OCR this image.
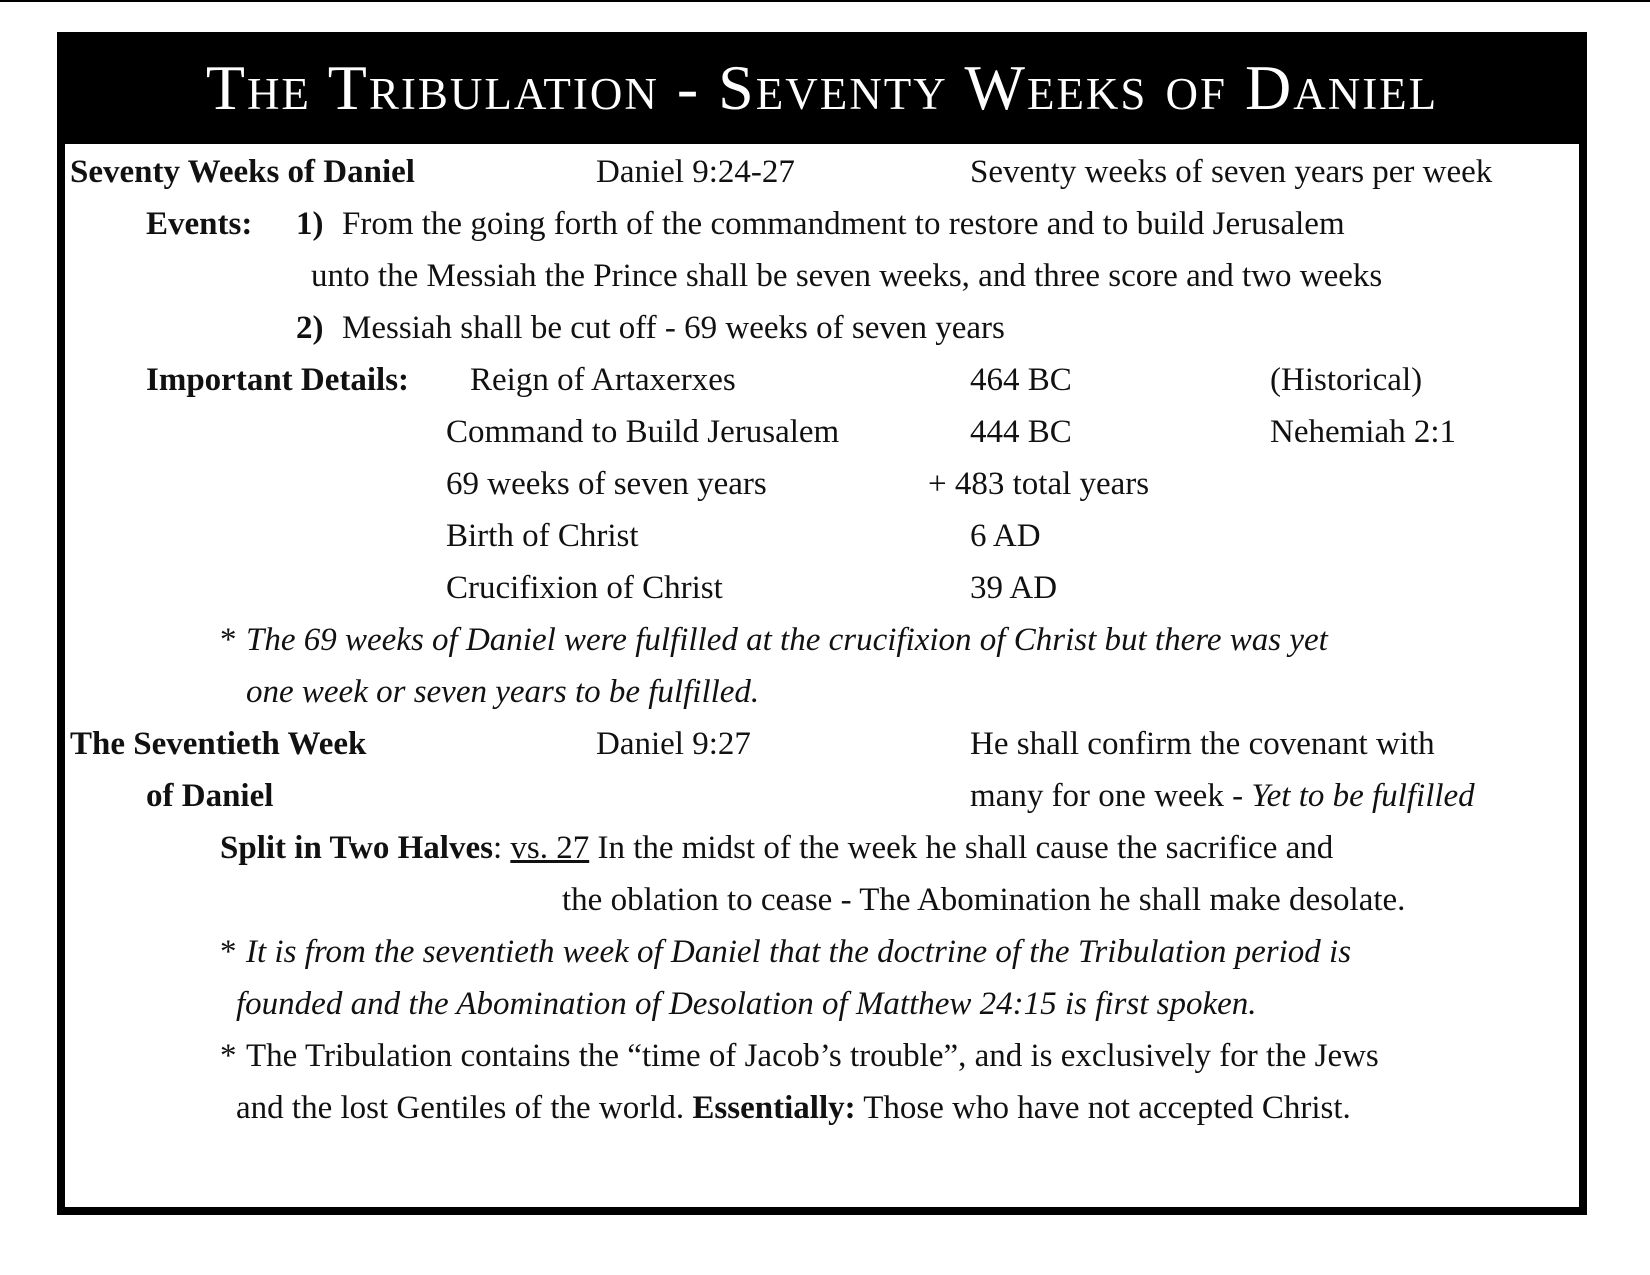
The Tribulation - Seventy Weeks of Daniel
Seventy Weeks of Daniel	Daniel 9:24-27	Seventy weeks of seven years per week
Events: 1) From the going forth of the commandment to restore and to build Jerusalem
unto the Messiah the Prince shall be seven weeks, and three score and two weeks
2) Messiah shall be cut off - 69 weeks of seven years
Important Details: Reign of Artaxerxes	464 BC	(Historical)
Command to Build Jerusalem	444 BC	Nehemiah 2:1
69 weeks of seven years	+ 483 total years
Birth of Christ	6 AD
Crucifixion of Christ	39 AD
* The 69 weeks of Daniel were fulfilled at the crucifixion of Christ but there was yet
one week or seven years to be fulfilled.
The Seventieth Week	Daniel 9:27	He shall confirm the covenant with
of Daniel	many for one week - Yet to be fulfilled
Split in Two Halves: vs. 27 In the midst of the week he shall cause the sacrifice and
the oblation to cease - The Abomination he shall make desolate.
* It is from the seventieth week of Daniel that the doctrine of the Tribulation period is
founded and the Abomination of Desolation of Matthew 24:15 is first spoken.
* The Tribulation contains the “time of Jacob’s trouble”, and is exclusively for the Jews
and the lost Gentiles of the world. Essentially: Those who have not accepted Christ.
